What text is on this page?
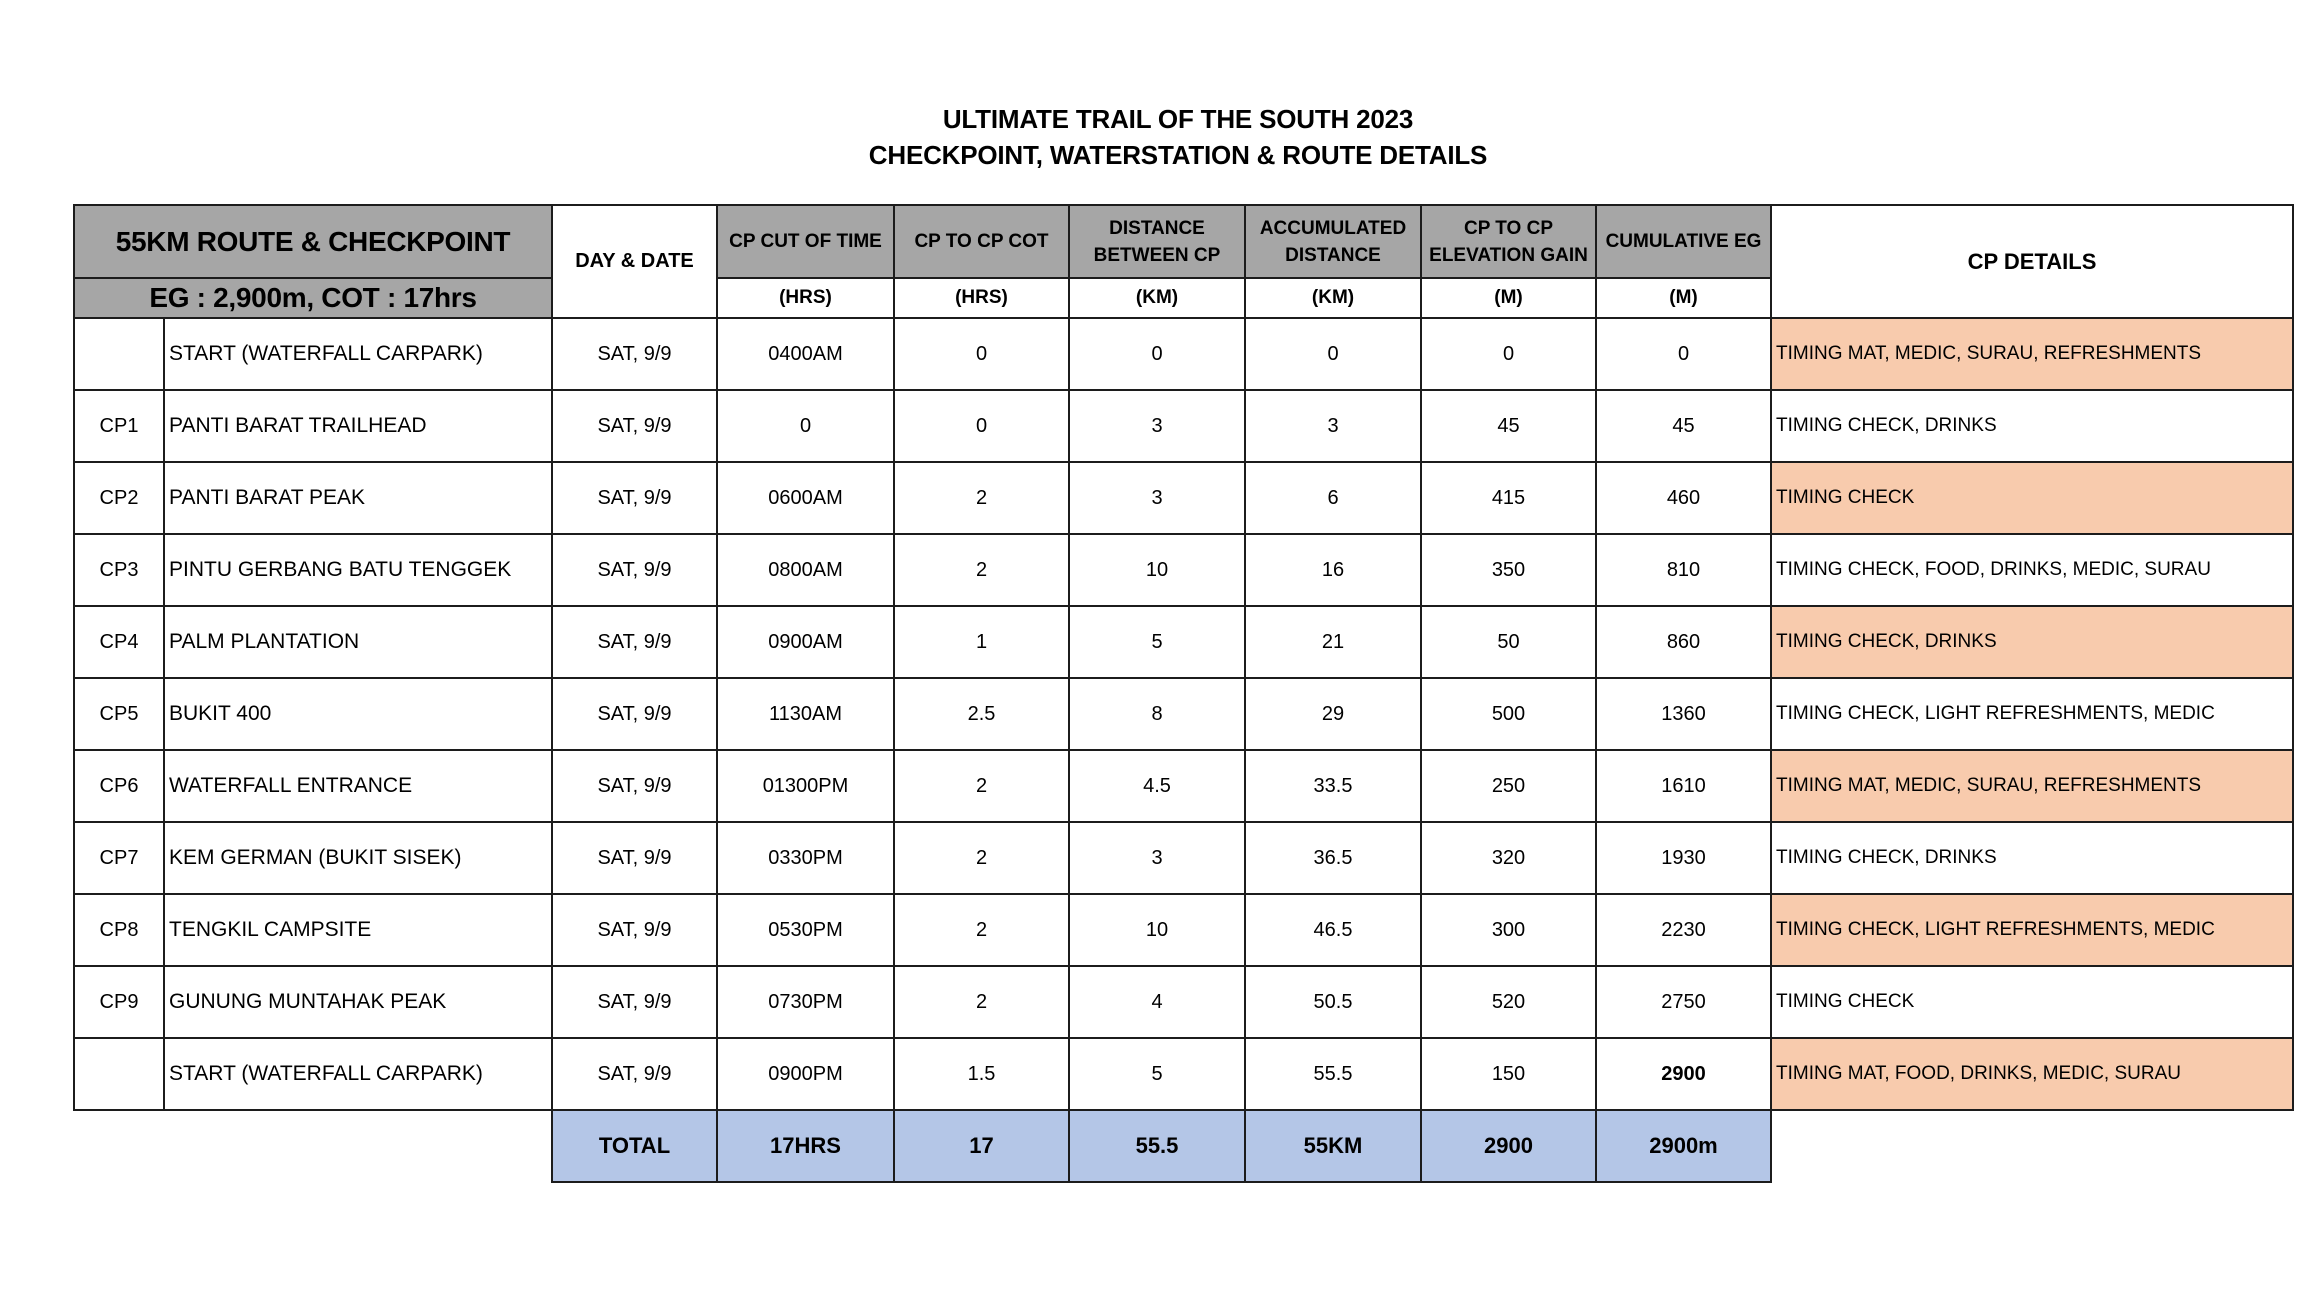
ULTIMATE TRAIL OF THE SOUTH 2023
CHECKPOINT, WATERSTATION & ROUTE DETAILS
55KM ROUTE & CHECKPOINT		DAY & DATE	CP CUT OF TIME	CP TO CP COT	DISTANCE BETWEEN CP	ACCUMULATED DISTANCE	CP TO CP ELEVATION GAIN	CUMULATIVE EG	CP DETAILS
EG : 2,900m, COT : 17hrs			(HRS)	(HRS)	(KM)	(KM)	(M)	(M)	
	START (WATERFALL CARPARK)	SAT, 9/9	0400AM	0	0	0	0	0	TIMING MAT, MEDIC, SURAU, REFRESHMENTS
CP1	PANTI BARAT TRAILHEAD	SAT, 9/9	0	0	3	3	45	45	TIMING CHECK, DRINKS
CP2	PANTI BARAT PEAK	SAT, 9/9	0600AM	2	3	6	415	460	TIMING CHECK
CP3	PINTU GERBANG BATU TENGGEK	SAT, 9/9	0800AM	2	10	16	350	810	TIMING CHECK, FOOD, DRINKS, MEDIC, SURAU
CP4	PALM PLANTATION	SAT, 9/9	0900AM	1	5	21	50	860	TIMING CHECK, DRINKS
CP5	BUKIT 400	SAT, 9/9	1130AM	2.5	8	29	500	1360	TIMING CHECK, LIGHT REFRESHMENTS, MEDIC
CP6	WATERFALL ENTRANCE	SAT, 9/9	01300PM	2	4.5	33.5	250	1610	TIMING MAT, MEDIC, SURAU, REFRESHMENTS
CP7	KEM GERMAN (BUKIT SISEK)	SAT, 9/9	0330PM	2	3	36.5	320	1930	TIMING CHECK, DRINKS
CP8	TENGKIL CAMPSITE	SAT, 9/9	0530PM	2	10	46.5	300	2230	TIMING CHECK, LIGHT REFRESHMENTS, MEDIC
CP9	GUNUNG MUNTAHAK PEAK	SAT, 9/9	0730PM	2	4	50.5	520	2750	TIMING CHECK
	START (WATERFALL CARPARK)	SAT, 9/9	0900PM	1.5	5	55.5	150	2900	TIMING MAT, FOOD, DRINKS, MEDIC, SURAU
		TOTAL	17HRS	17	55.5	55KM	2900	2900m	
